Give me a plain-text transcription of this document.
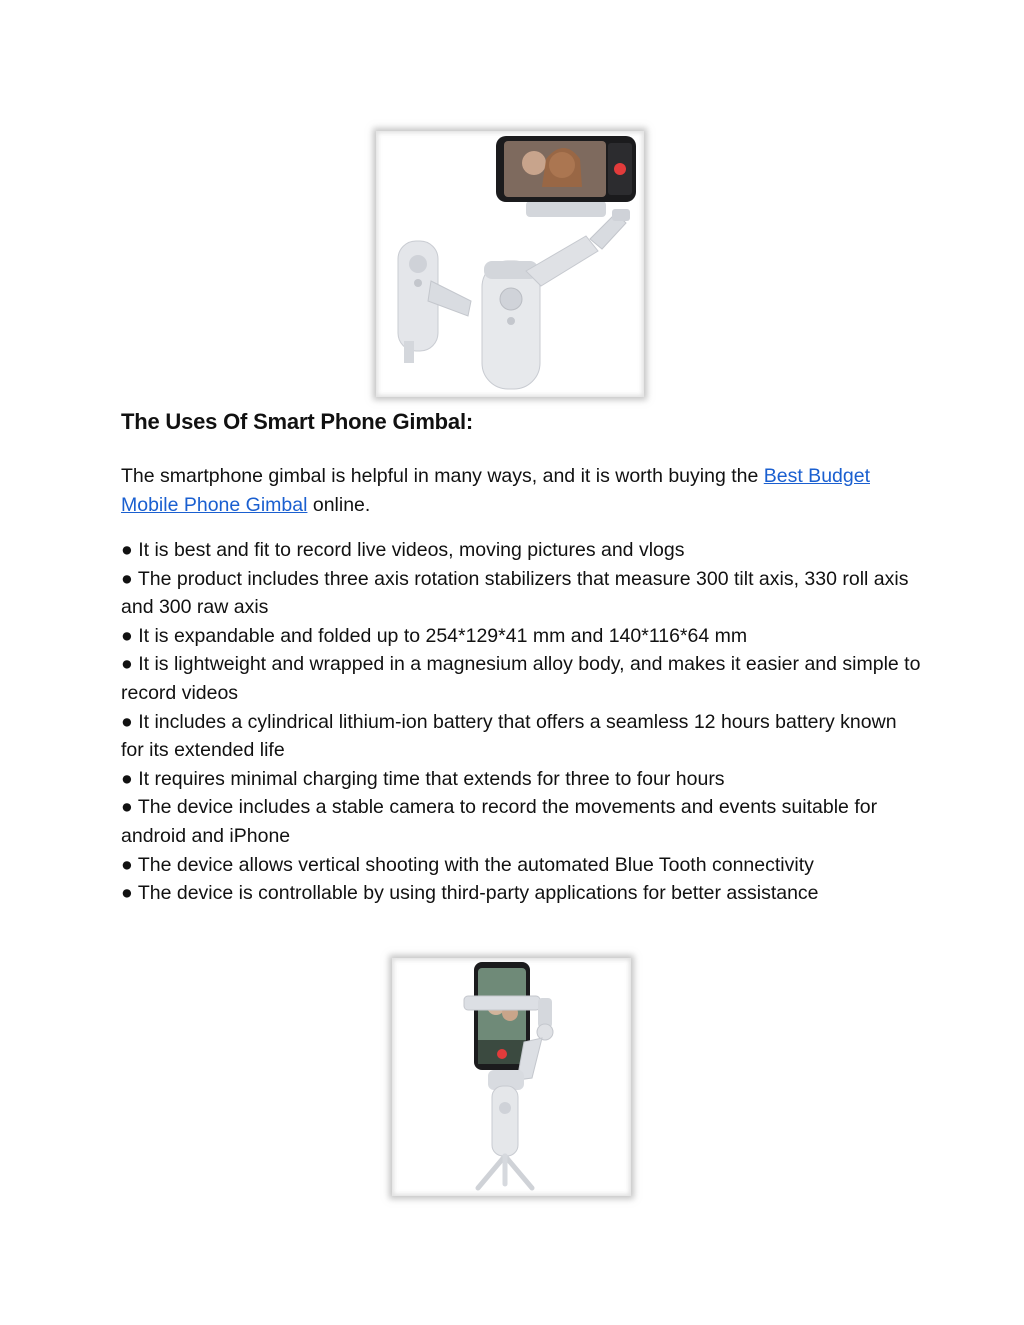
The Uses Of Smart Phone Gimbal:

The smartphone gimbal is helpful in many ways, and it is worth buying the Best Budget Mobile Phone Gimbal online.

● It is best and fit to record live videos, moving pictures and vlogs
● The product includes three axis rotation stabilizers that measure 300 tilt axis, 330 roll axis and 300 raw axis
● It is expandable and folded up to 254*129*41 mm and 140*116*64 mm
● It is lightweight and wrapped in a magnesium alloy body, and makes it easier and simple to record videos
● It includes a cylindrical lithium-ion battery that offers a seamless 12 hours battery known for its extended life
● It requires minimal charging time that extends for three to four hours
● The device includes a stable camera to record the movements and events suitable for android and iPhone
● The device allows vertical shooting with the automated Blue Tooth connectivity
● The device is controllable by using third-party applications for better assistance
